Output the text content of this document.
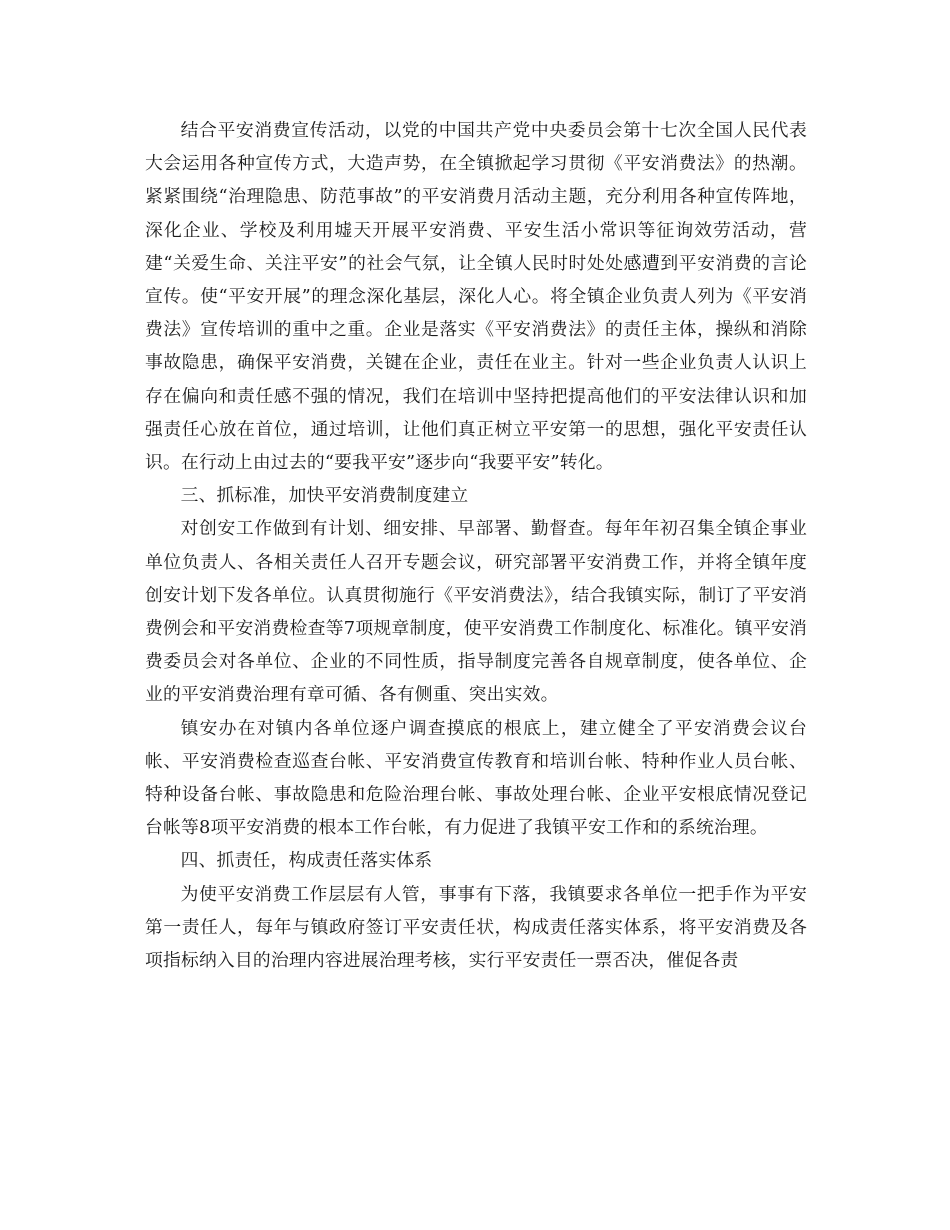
结合平安消费宣传活动，以党的中国共产党中央委员会第十七次全国人民代表大会运用各种宣传方式，大造声势，在全镇掀起学习贯彻《平安消费法》的热潮。紧紧围绕“治理隐患、防范事故”的平安消费月活动主题，充分利用各种宣传阵地，深化企业、学校及利用墟天开展平安消费、平安生活小常识等征询效劳活动，营建“关爱生命、关注平安”的社会气氛，让全镇人民时时处处感遭到平安消费的言论宣传。使“平安开展”的理念深化基层，深化人心。将全镇企业负责人列为《平安消费法》宣传培训的重中之重。企业是落实《平安消费法》的责任主体，操纵和消除事故隐患，确保平安消费，关键在企业，责任在业主。针对一些企业负责人认识上存在偏向和责任感不强的情况，我们在培训中坚持把提高他们的平安法律认识和加强责任心放在首位，通过培训，让他们真正树立平安第一的思想，强化平安责任认识。在行动上由过去的“要我平安”逐步向“我要平安”转化。

三、抓标准，加快平安消费制度建立

对创安工作做到有计划、细安排、早部署、勤督查。每年年初召集全镇企事业单位负责人、各相关责任人召开专题会议，研究部署平安消费工作，并将全镇年度创安计划下发各单位。认真贯彻施行《平安消费法》，结合我镇实际，制订了平安消费例会和平安消费检查等7项规章制度，使平安消费工作制度化、标准化。镇平安消费委员会对各单位、企业的不同性质，指导制度完善各自规章制度，使各单位、企业的平安消费治理有章可循、各有侧重、突出实效。

镇安办在对镇内各单位逐户调查摸底的根底上，建立健全了平安消费会议台帐、平安消费检查巡查台帐、平安消费宣传教育和培训台帐、特种作业人员台帐、特种设备台帐、事故隐患和危险治理台帐、事故处理台帐、企业平安根底情况登记台帐等8项平安消费的根本工作台帐，有力促进了我镇平安工作和的系统治理。

四、抓责任，构成责任落实体系

为使平安消费工作层层有人管，事事有下落，我镇要求各单位一把手作为平安第一责任人，每年与镇政府签订平安责任状，构成责任落实体系，将平安消费及各项指标纳入目的治理内容进展治理考核，实行平安责任一票否决，催促各责
